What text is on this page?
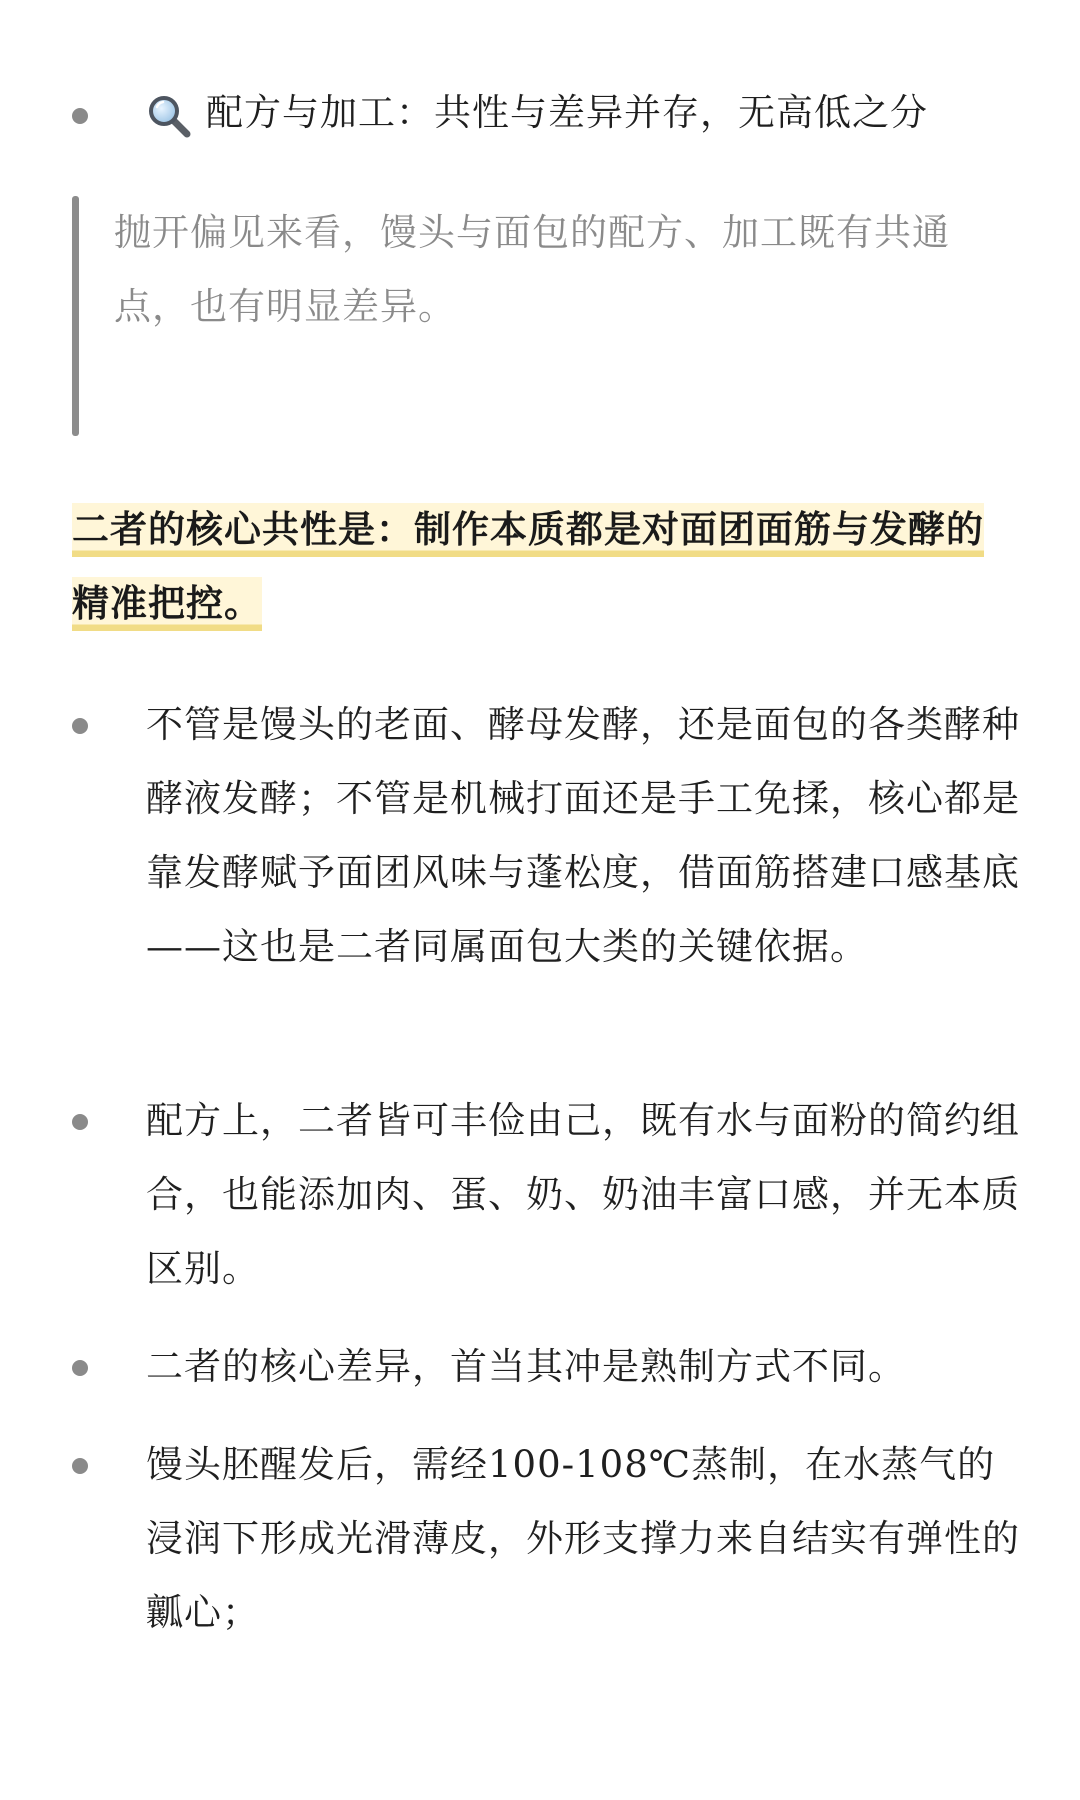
配方与加工：共性与差异并存，无高低之分

抛开偏见来看，馒头与面包的配方、加工既有共通点，也有明显差异。

二者的核心共性是：制作本质都是对面团面筋与发酵的精准把控。

不管是馒头的老面、酵母发酵，还是面包的各类酵种酵液发酵；不管是机械打面还是手工免揉，核心都是靠发酵赋予面团风味与蓬松度，借面筋搭建口感基底——这也是二者同属面包大类的关键依据。

配方上，二者皆可丰俭由己，既有水与面粉的简约组合，也能添加肉、蛋、奶、奶油丰富口感，并无本质区别。

二者的核心差异，首当其冲是熟制方式不同。

馒头胚醒发后，需经100-108℃蒸制，在水蒸气的浸润下形成光滑薄皮，外形支撑力来自结实有弹性的瓤心；
